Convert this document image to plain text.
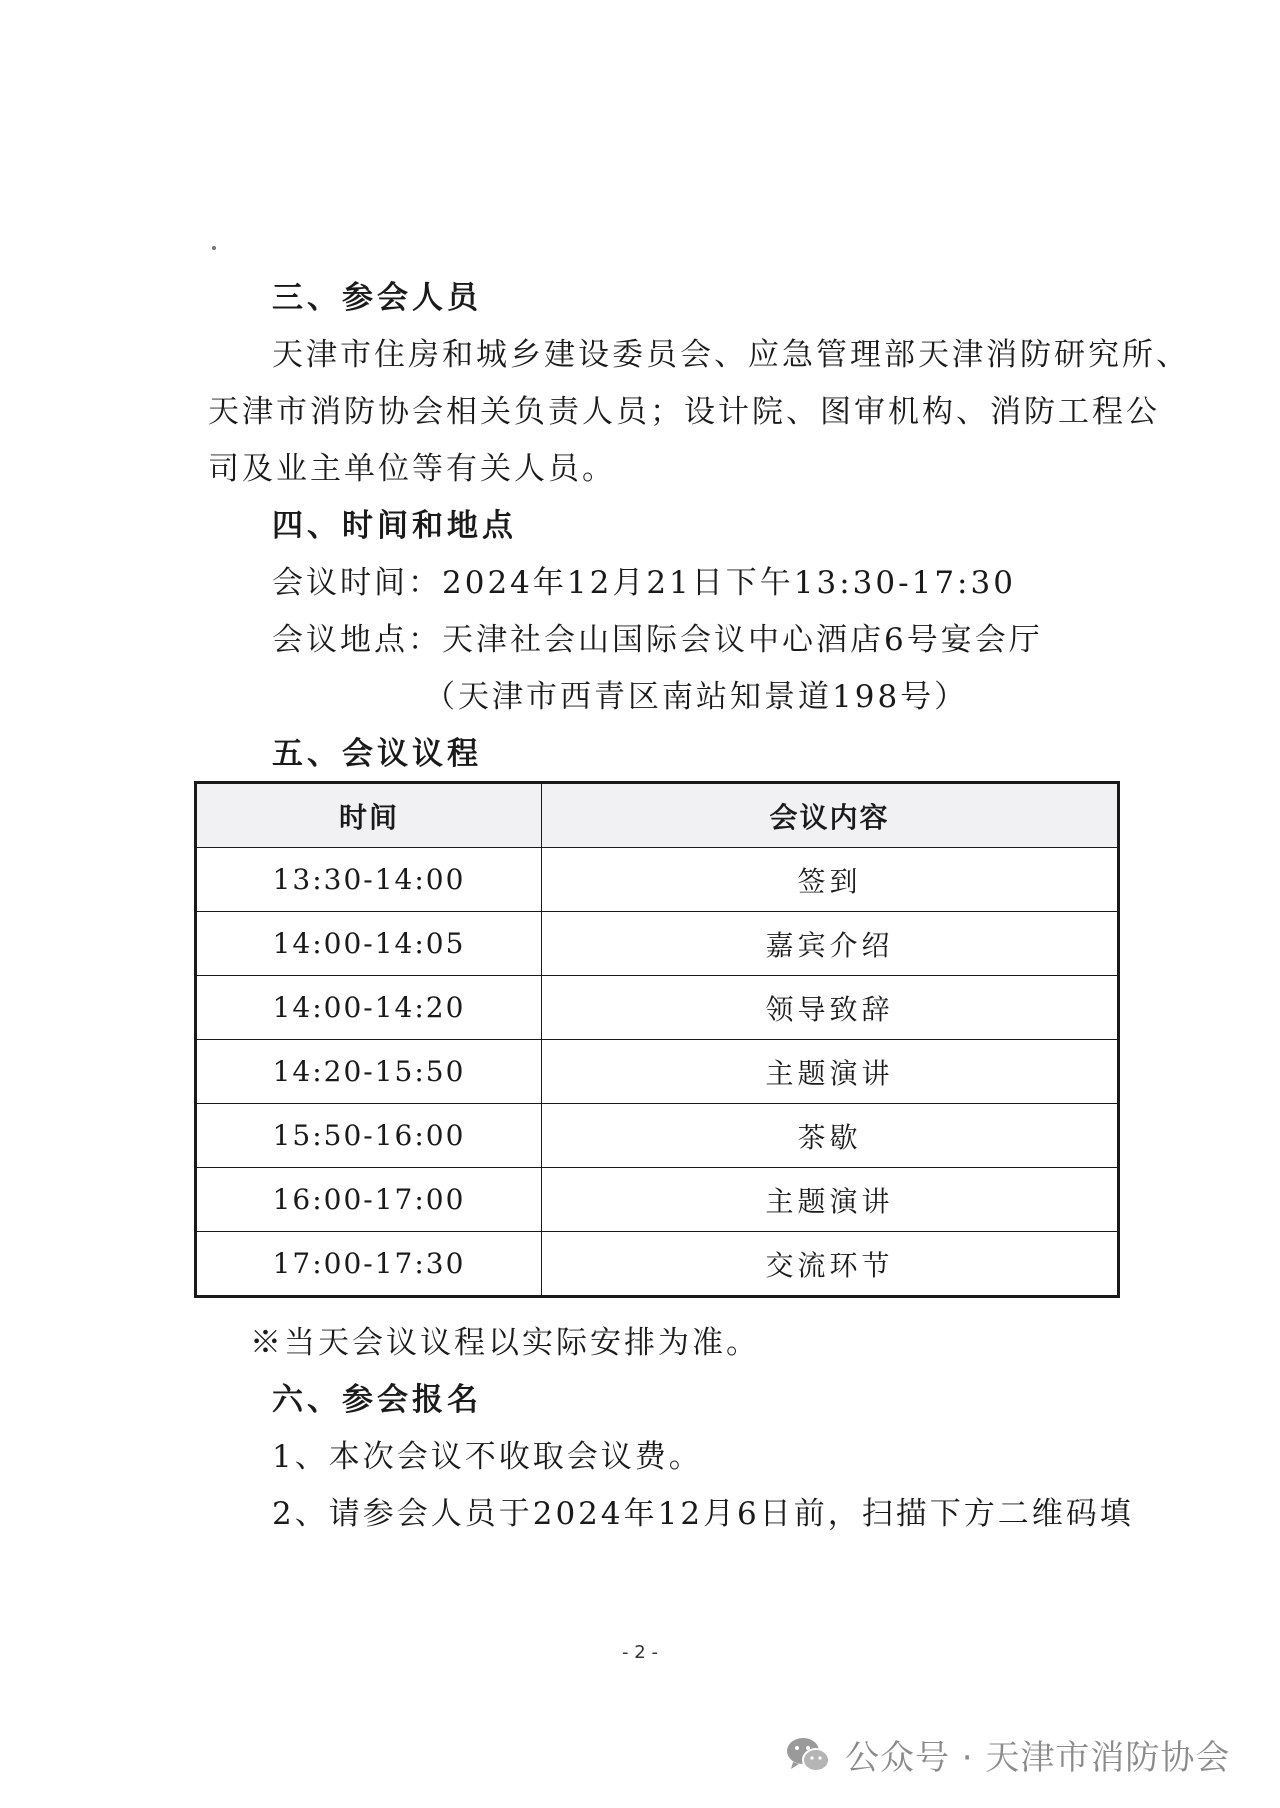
三、参会人员
天津市住房和城乡建设委员会、应急管理部天津消防研究所、
天津市消防协会相关负责人员；设计院、图审机构、消防工程公
司及业主单位等有关人员。
四、时间和地点
会议时间：2024年12月21日下午13:30-17:30
会议地点：天津社会山国际会议中心酒店6号宴会厅
（天津市西青区南站知景道198号）
五、会议议程
时间	会议内容
13:30-14:00	签到
14:00-14:05	嘉宾介绍
14:00-14:20	领导致辞
14:20-15:50	主题演讲
15:50-16:00	茶歇
16:00-17:00	主题演讲
17:00-17:30	交流环节
※当天会议议程以实际安排为准。
六、参会报名
1、本次会议不收取会议费。
2、请参会人员于2024年12月6日前，扫描下方二维码填
- 2 -
公众号 · 天津市消防协会
